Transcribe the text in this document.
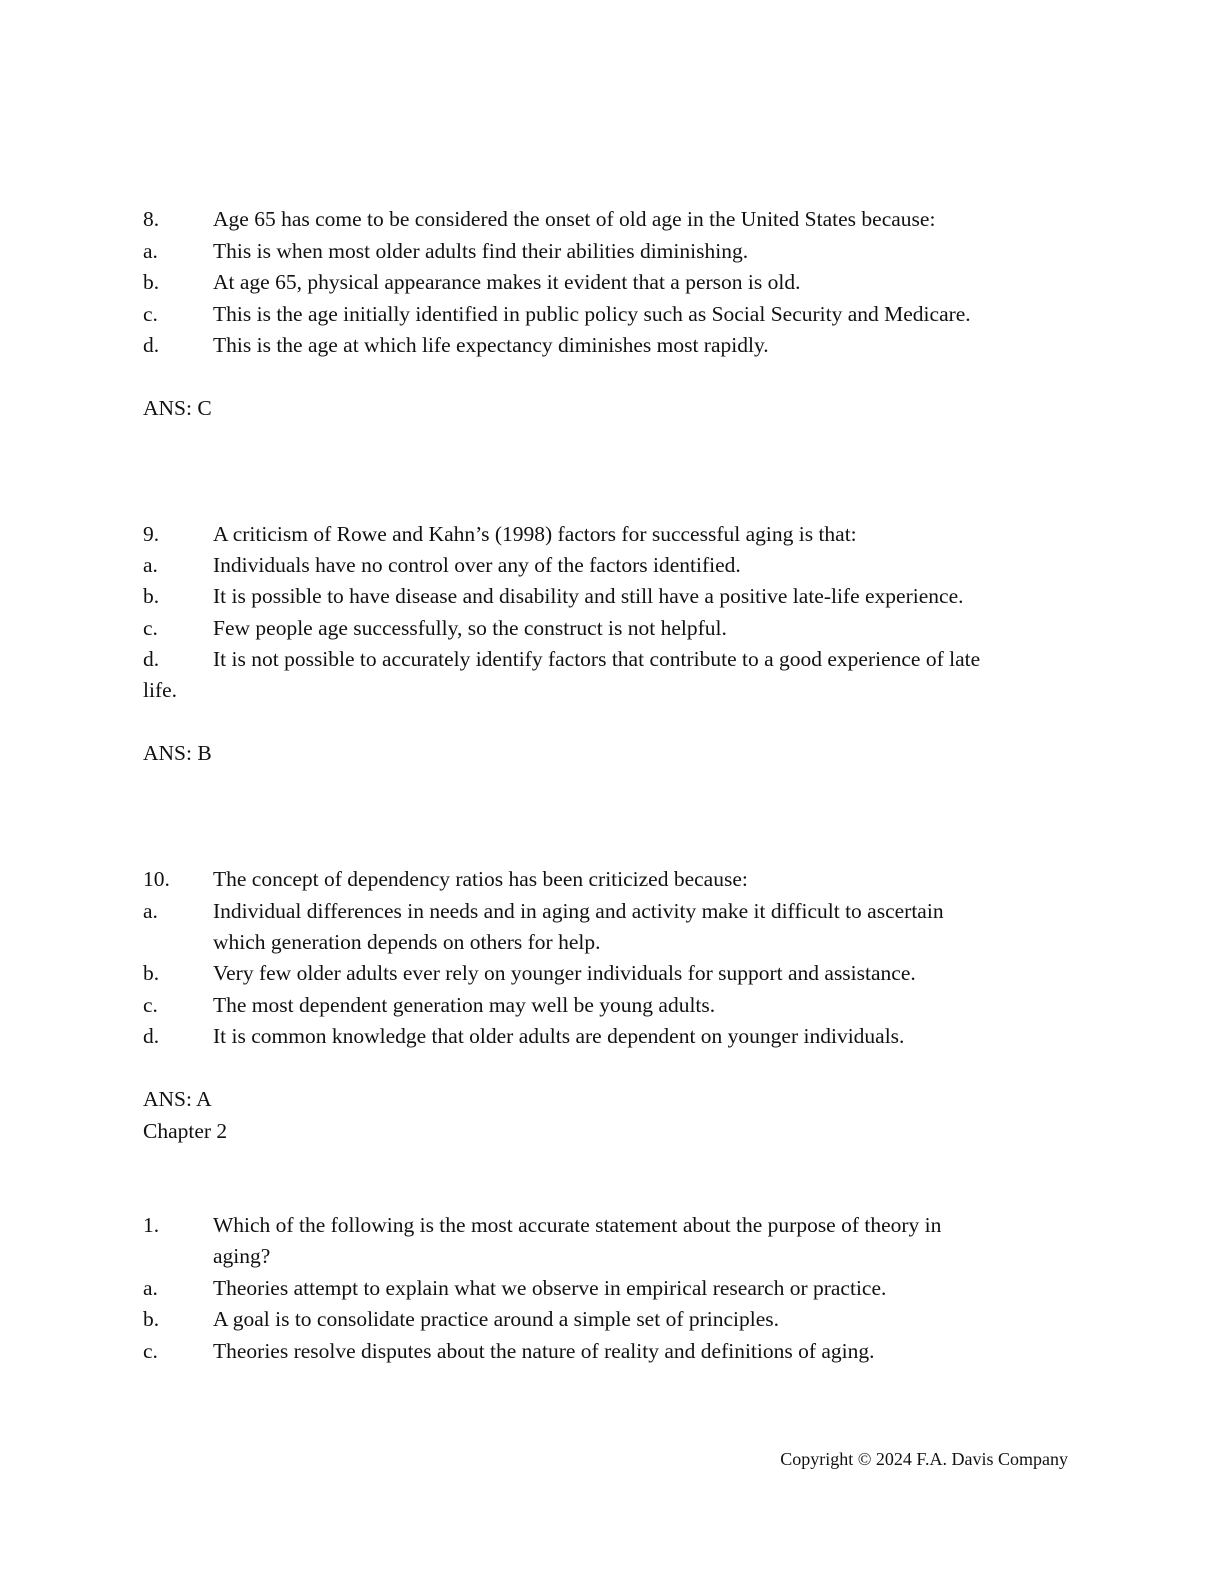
8.	Age 65 has come to be considered the onset of old age in the United States because:
a.	This is when most older adults find their abilities diminishing.
b.	At age 65, physical appearance makes it evident that a person is old.
c.	This is the age initially identified in public policy such as Social Security and Medicare.
d.	This is the age at which life expectancy diminishes most rapidly.
ANS: C
9.	A criticism of Rowe and Kahn’s (1998) factors for successful aging is that:
a.	Individuals have no control over any of the factors identified.
b.	It is possible to have disease and disability and still have a positive late-life experience.
c.	Few people age successfully, so the construct is not helpful.
d.	It is not possible to accurately identify factors that contribute to a good experience of late
life.
ANS: B
10. The concept of dependency ratios has been criticized because:
a.	Individual differences in needs and in aging and activity make it difficult to ascertain
which generation depends on others for help.
b.	Very few older adults ever rely on younger individuals for support and assistance.
c.	The most dependent generation may well be young adults.
d.	It is common knowledge that older adults are dependent on younger individuals.
ANS: A
Chapter 2
1.	Which of the following is the most accurate statement about the purpose of theory in
aging?
a.	Theories attempt to explain what we observe in empirical research or practice.
b.	A goal is to consolidate practice around a simple set of principles.
c.	Theories resolve disputes about the nature of reality and definitions of aging.
Copyright © 2024 F.A. Davis Company
